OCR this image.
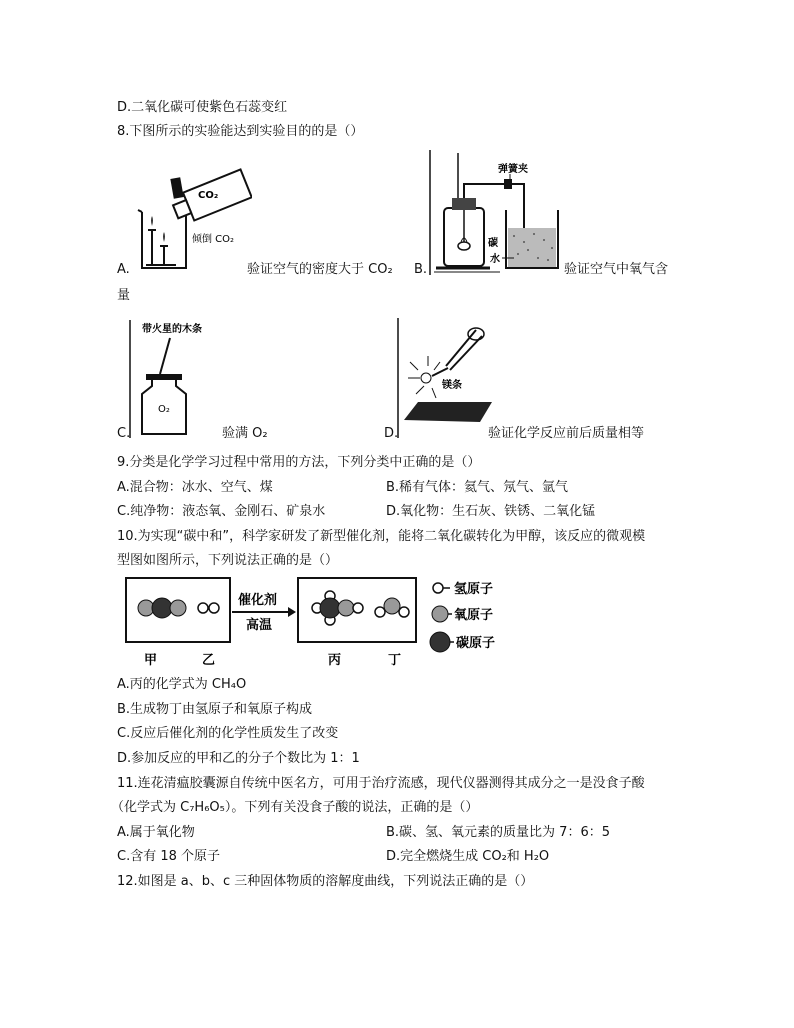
D.二氧化碳可使紫色石蕊变红
8.下图所示的实验能达到实验目的的是（）
CO₂
倾倒 CO₂
A.	验证空气的密度大于 CO₂
弹簧夹
碳
水
B.	验证空气中氧气含
量
带火星的木条
O₂
C.	验满 O₂
镁条
D.	验证化学反应前后质量相等
9.分类是化学学习过程中常用的方法，下列分类中正确的是（）
A.混合物：冰水、空气、煤	B.稀有气体：氦气、氖气、氩气
C.纯净物：液态氧、金刚石、矿泉水	D.氧化物：生石灰、铁锈、二氧化锰
10.为实现“碳中和”，科学家研发了新型催化剂，能将二氧化碳转化为甲醇，该反应的微观模
型图如图所示，下列说法正确的是（）
催化剂
高温
甲	乙	丙	丁
氢原子
氧原子
碳原子
A.丙的化学式为 CH₄O
B.生成物丁由氢原子和氧原子构成
C.反应后催化剂的化学性质发生了改变
D.参加反应的甲和乙的分子个数比为 1：1
11.连花清瘟胶囊源自传统中医名方，可用于治疗流感，现代仪器测得其成分之一是没食子酸
（化学式为 C₇H₆O₅）。下列有关没食子酸的说法，正确的是（）
A.属于氧化物	B.碳、氢、氧元素的质量比为 7：6：5
C.含有 18 个原子	D.完全燃烧生成 CO₂和 H₂O
12.如图是 a、b、c 三种固体物质的溶解度曲线，下列说法正确的是（）
